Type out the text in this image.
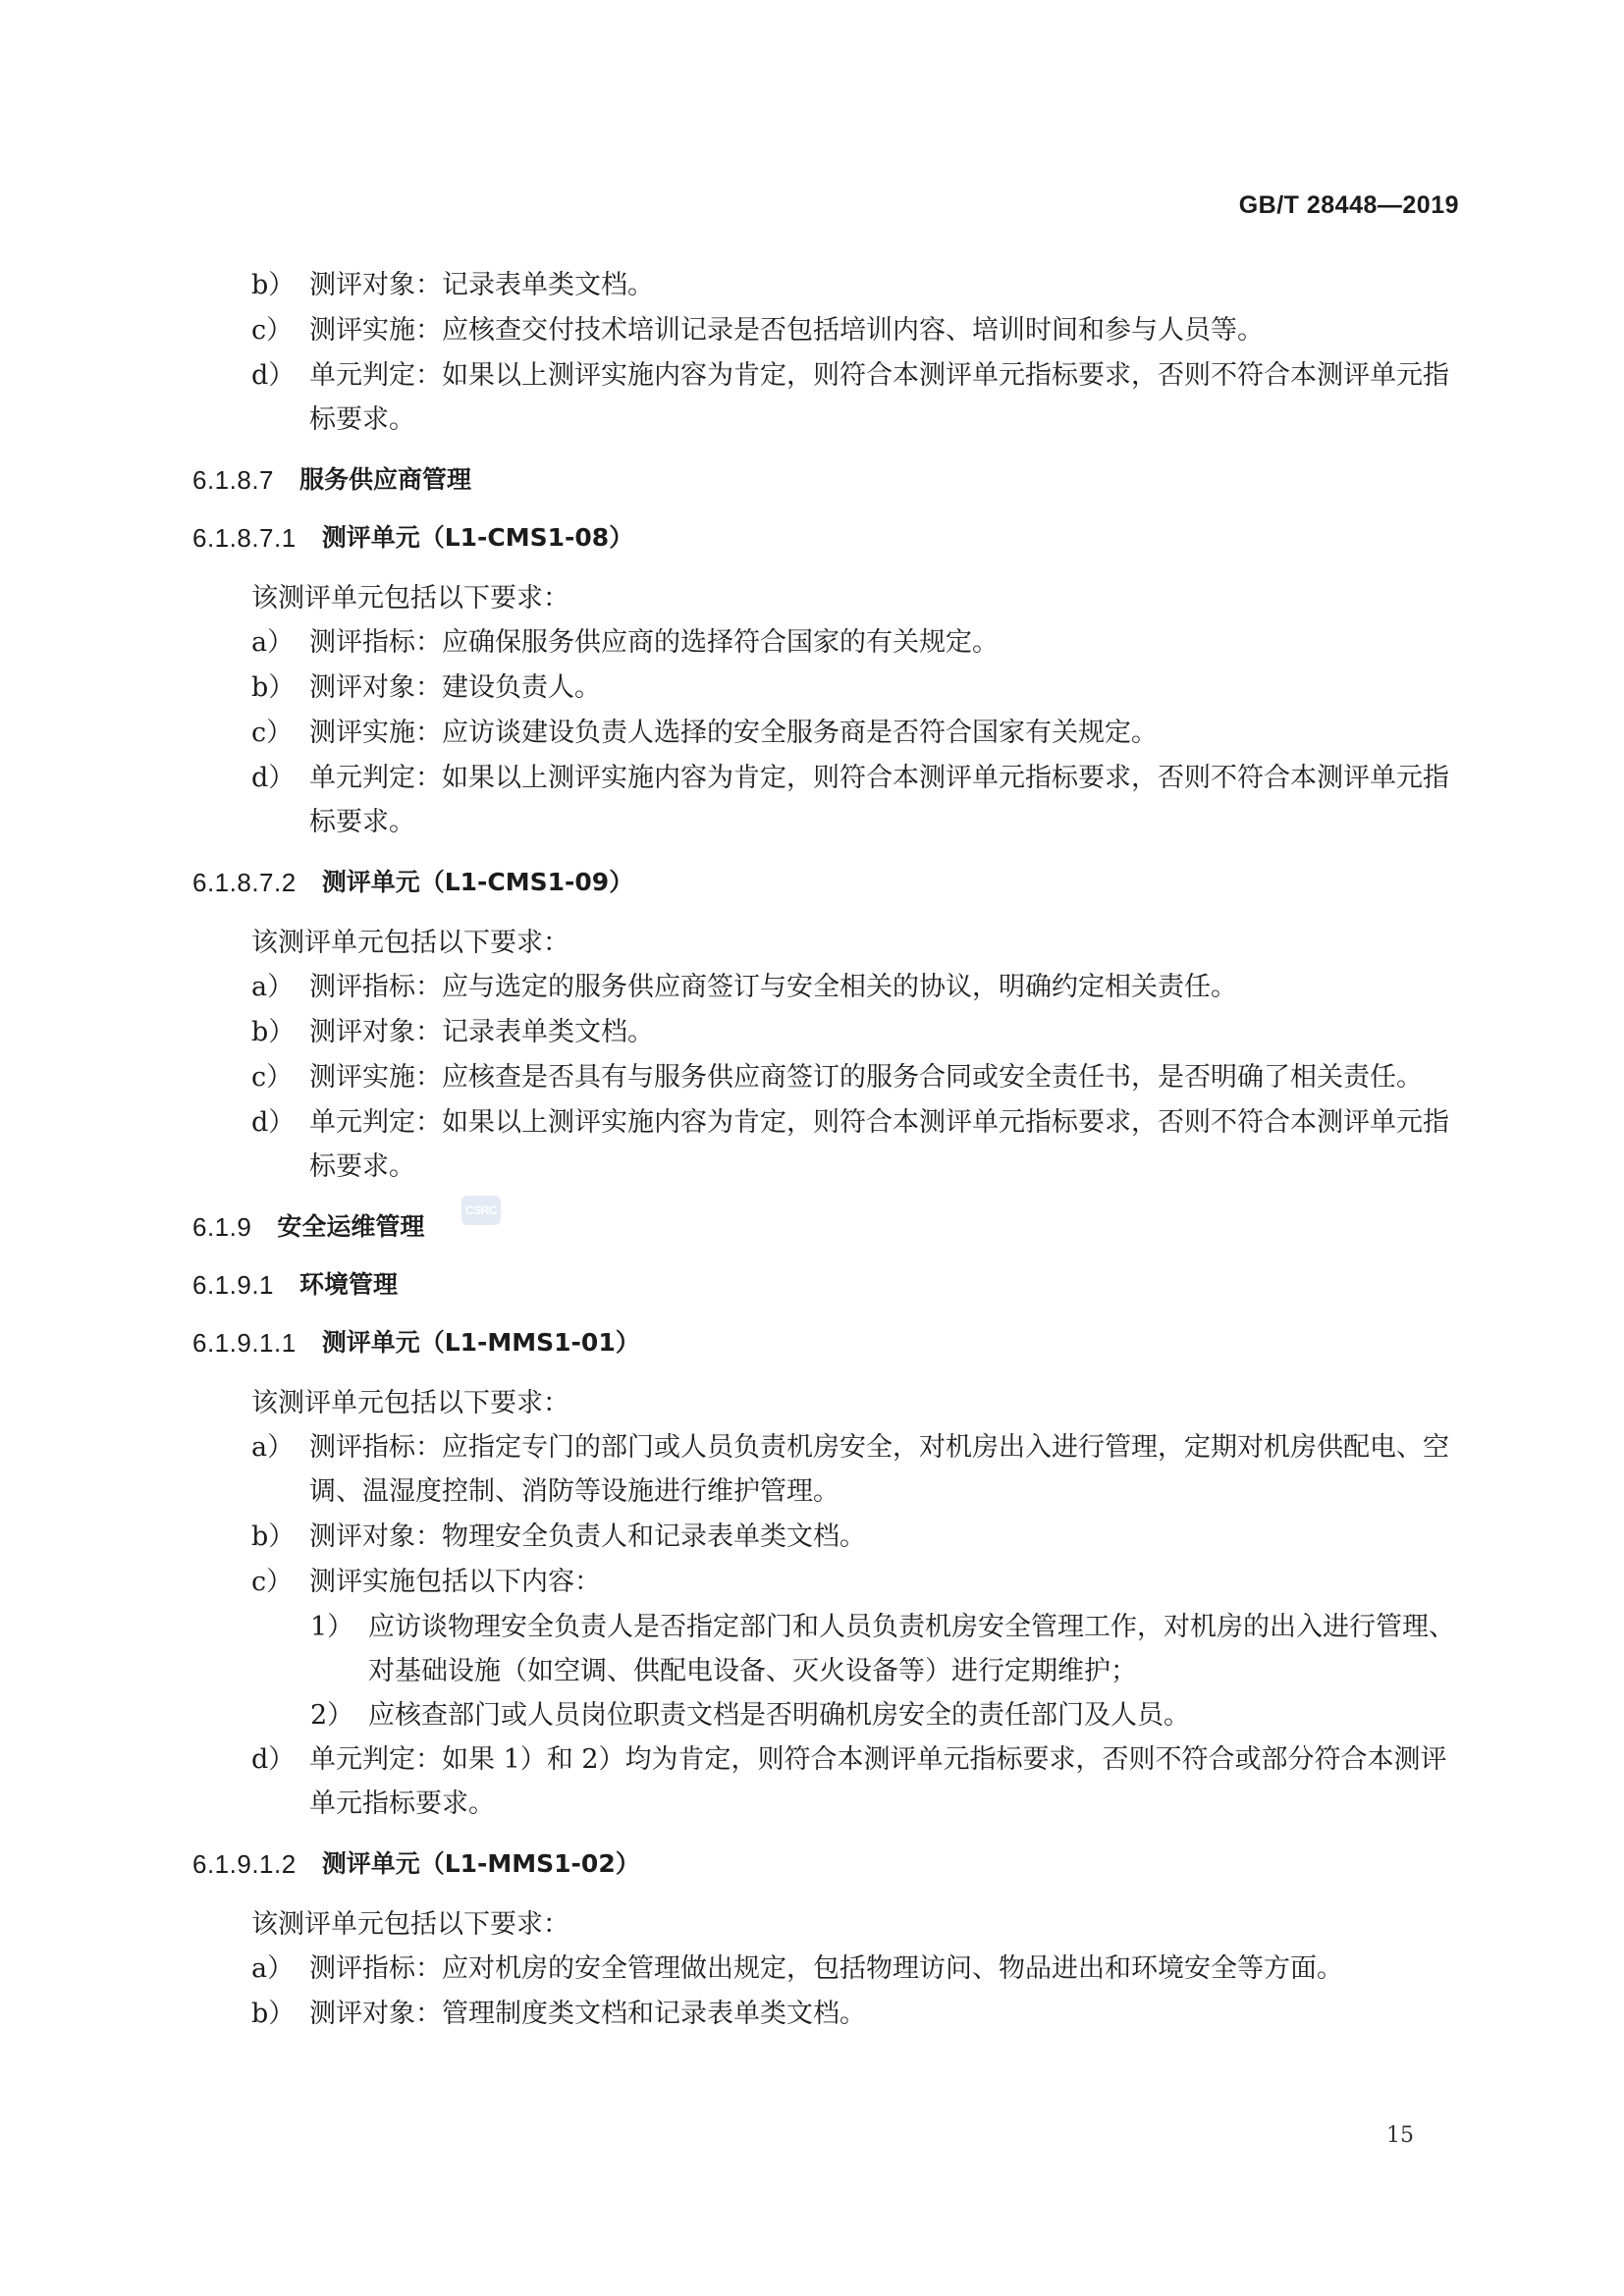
GB/T 28448—2019
b） 测评对象：记录表单类文档。
c） 测评实施：应核查交付技术培训记录是否包括培训内容、培训时间和参与人员等。
d） 单元判定：如果以上测评实施内容为肯定，则符合本测评单元指标要求，否则不符合本测评单元指标要求。
6.1.8.7 服务供应商管理
6.1.8.7.1 测评单元（L1-CMS1-08）
该测评单元包括以下要求：
a） 测评指标：应确保服务供应商的选择符合国家的有关规定。
b） 测评对象：建设负责人。
c） 测评实施：应访谈建设负责人选择的安全服务商是否符合国家有关规定。
d） 单元判定：如果以上测评实施内容为肯定，则符合本测评单元指标要求，否则不符合本测评单元指标要求。
6.1.8.7.2 测评单元（L1-CMS1-09）
该测评单元包括以下要求：
a） 测评指标：应与选定的服务供应商签订与安全相关的协议，明确约定相关责任。
b） 测评对象：记录表单类文档。
c） 测评实施：应核查是否具有与服务供应商签订的服务合同或安全责任书，是否明确了相关责任。
d） 单元判定：如果以上测评实施内容为肯定，则符合本测评单元指标要求，否则不符合本测评单元指标要求。
6.1.9 安全运维管理
6.1.9.1 环境管理
6.1.9.1.1 测评单元（L1-MMS1-01）
该测评单元包括以下要求：
a） 测评指标：应指定专门的部门或人员负责机房安全，对机房出入进行管理，定期对机房供配电、空调、温湿度控制、消防等设施进行维护管理。
b） 测评对象：物理安全负责人和记录表单类文档。
c） 测评实施包括以下内容：
1） 应访谈物理安全负责人是否指定部门和人员负责机房安全管理工作，对机房的出入进行管理、对基础设施（如空调、供配电设备、灭火设备等）进行定期维护；
2） 应核查部门或人员岗位职责文档是否明确机房安全的责任部门及人员。
d） 单元判定：如果 1）和 2）均为肯定，则符合本测评单元指标要求，否则不符合或部分符合本测评单元指标要求。
6.1.9.1.2 测评单元（L1-MMS1-02）
该测评单元包括以下要求：
a） 测评指标：应对机房的安全管理做出规定，包括物理访问、物品进出和环境安全等方面。
b） 测评对象：管理制度类文档和记录表单类文档。
CSRC
15
